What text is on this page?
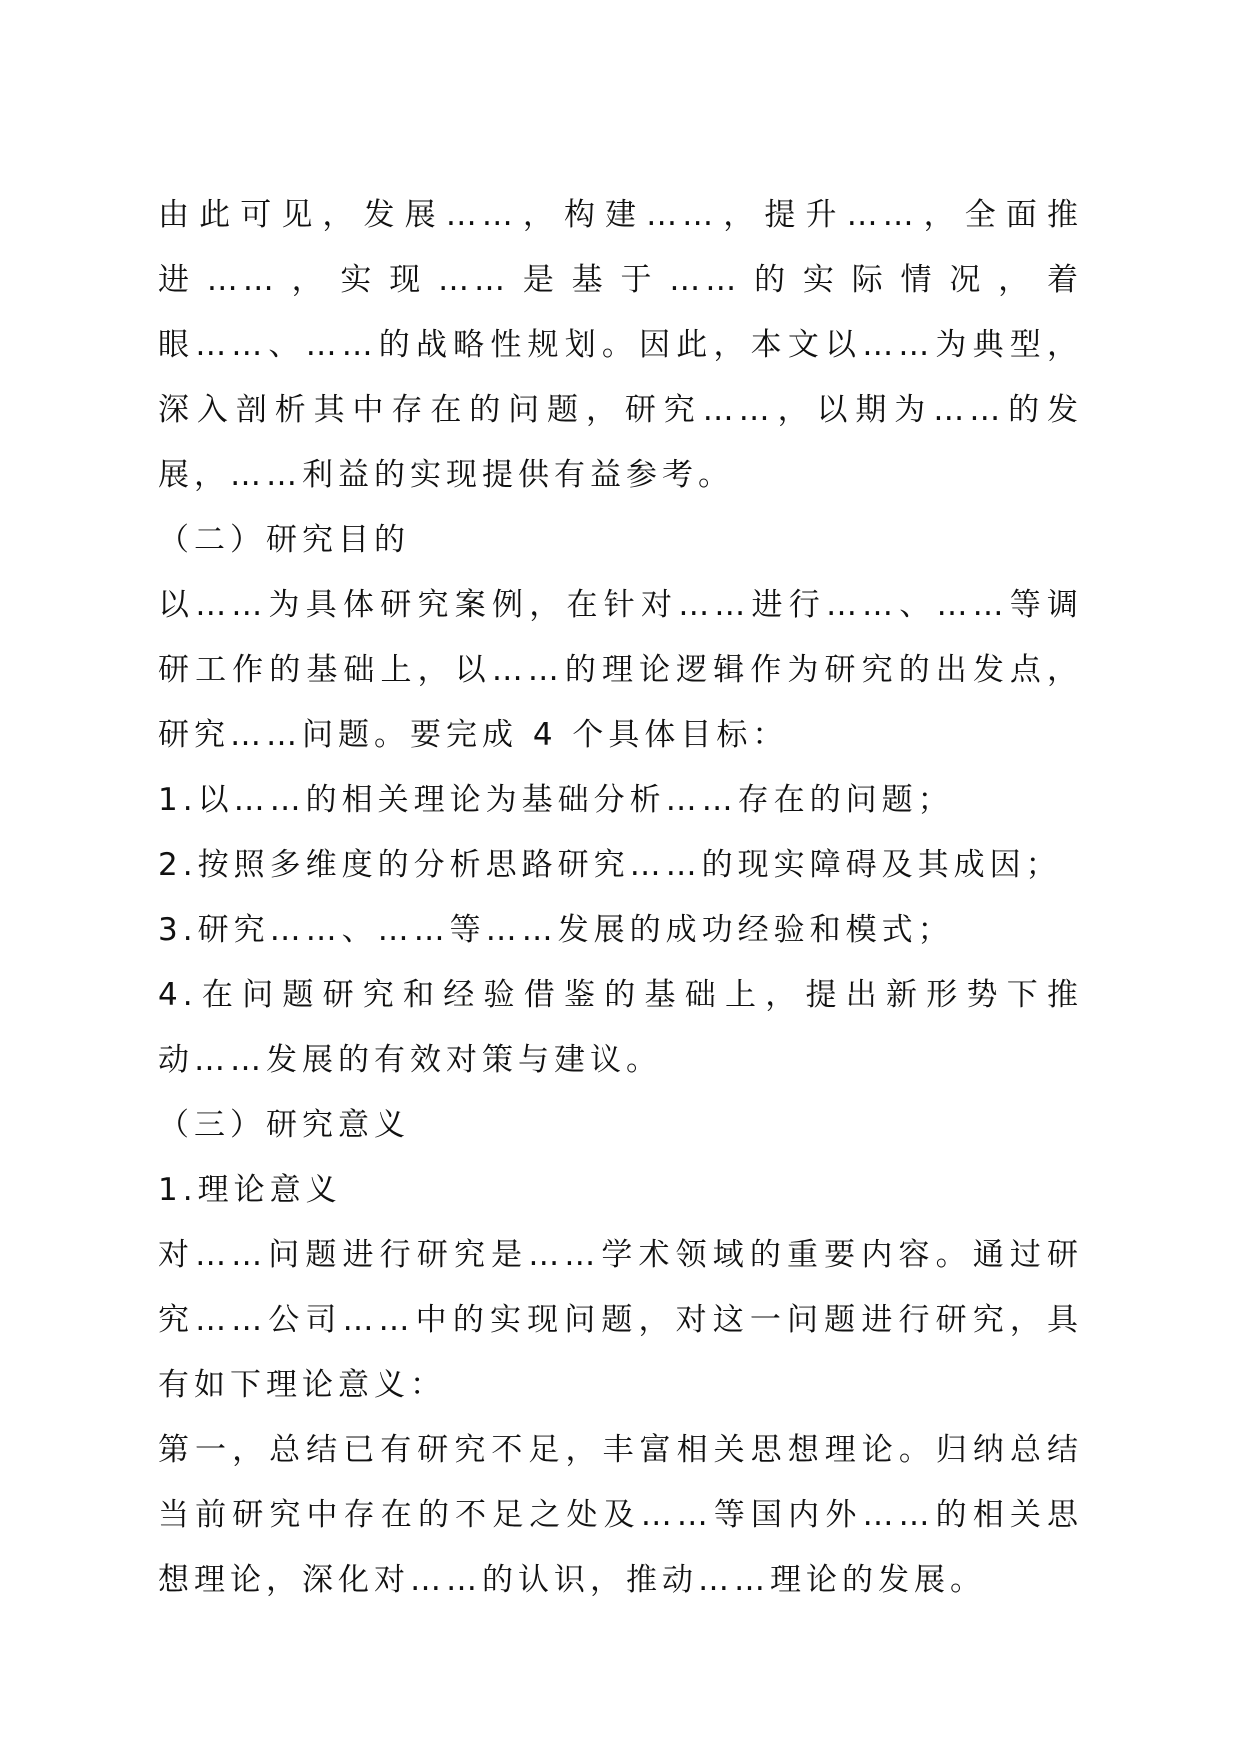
由此可见，发展……，构建……，提升……，全面推进……，实现……是基于……的实际情况，着眼……、……的战略性规划。因此，本文以……为典型，深入剖析其中存在的问题，研究……，以期为……的发展，……利益的实现提供有益参考。

（二）研究目的

以……为具体研究案例，在针对……进行……、……等调研工作的基础上，以……的理论逻辑作为研究的出发点，研究……问题。要完成 4 个具体目标：

1.以……的相关理论为基础分析……存在的问题；

2.按照多维度的分析思路研究……的现实障碍及其成因；

3.研究……、……等……发展的成功经验和模式；

4.在问题研究和经验借鉴的基础上，提出新形势下推动……发展的有效对策与建议。

（三）研究意义

1.理论意义

对……问题进行研究是……学术领域的重要内容。通过研究……公司……中的实现问题，对这一问题进行研究，具有如下理论意义：

第一，总结已有研究不足，丰富相关思想理论。归纳总结当前研究中存在的不足之处及……等国内外……的相关思想理论，深化对……的认识，推动……理论的发展。
